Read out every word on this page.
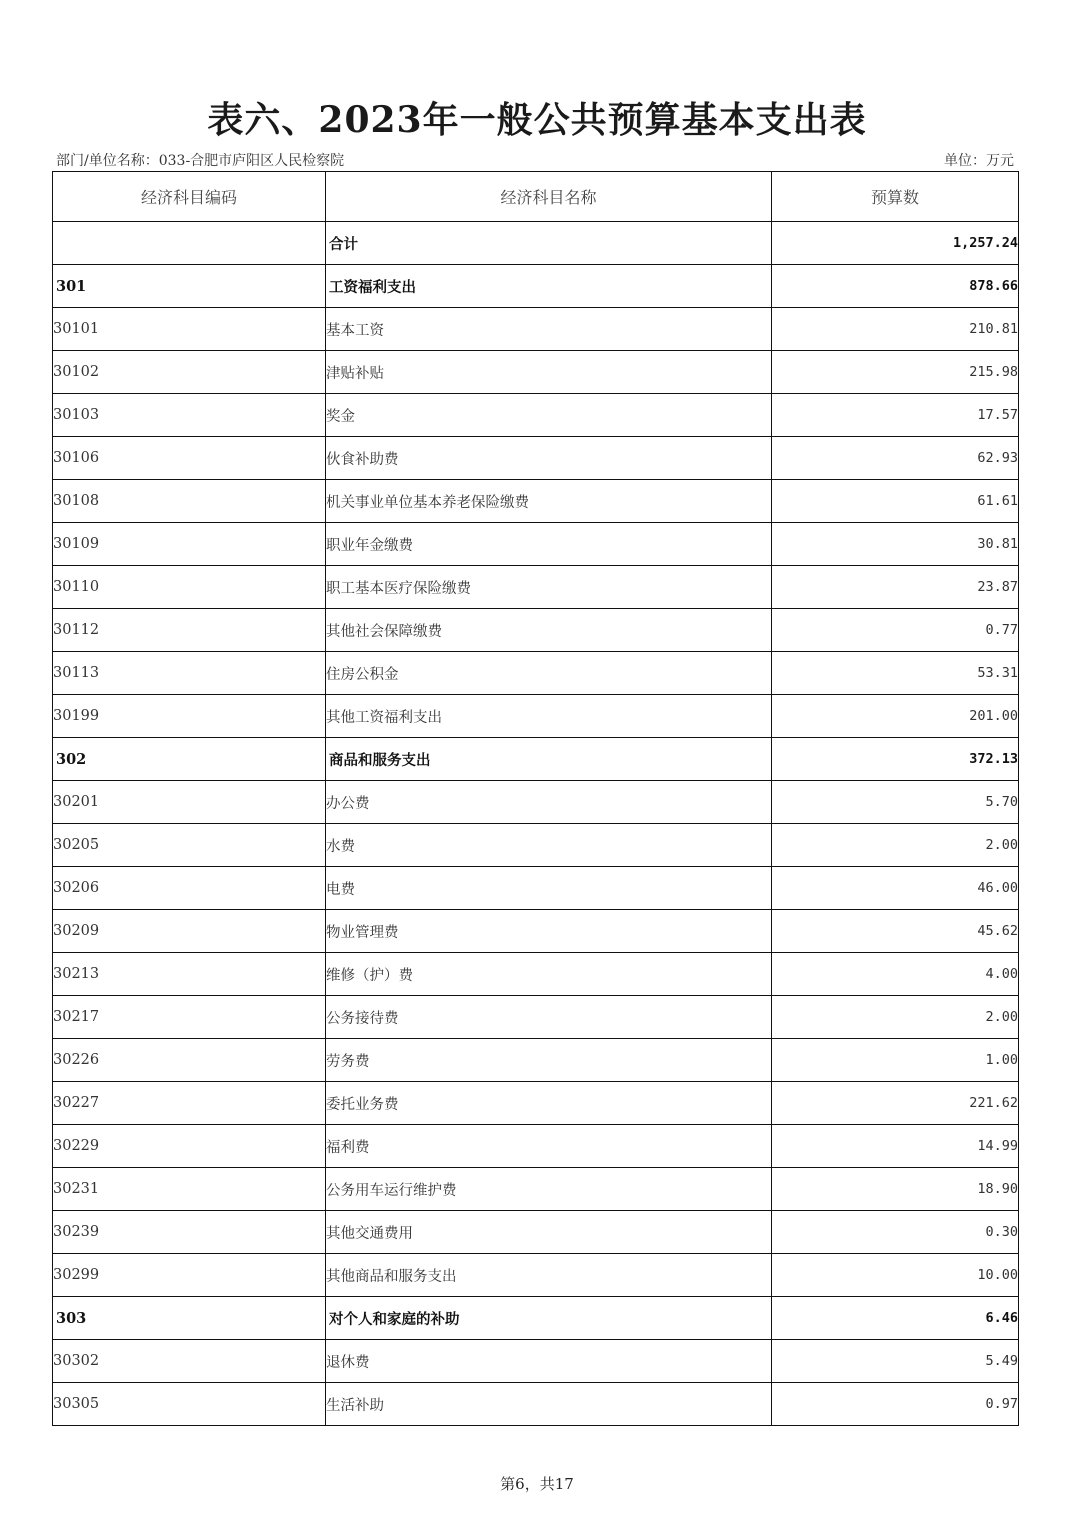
表六、2023年一般公共预算基本支出表
部门/单位名称：033-合肥市庐阳区人民检察院	单位：万元
经济科目编码	经济科目名称	预算数
	合计	1,257.24
301	工资福利支出	878.66
30101	基本工资	210.81
30102	津贴补贴	215.98
30103	奖金	17.57
30106	伙食补助费	62.93
30108	机关事业单位基本养老保险缴费	61.61
30109	职业年金缴费	30.81
30110	职工基本医疗保险缴费	23.87
30112	其他社会保障缴费	0.77
30113	住房公积金	53.31
30199	其他工资福利支出	201.00
302	商品和服务支出	372.13
30201	办公费	5.70
30205	水费	2.00
30206	电费	46.00
30209	物业管理费	45.62
30213	维修（护）费	4.00
30217	公务接待费	2.00
30226	劳务费	1.00
30227	委托业务费	221.62
30229	福利费	14.99
30231	公务用车运行维护费	18.90
30239	其他交通费用	0.30
30299	其他商品和服务支出	10.00
303	对个人和家庭的补助	6.46
30302	退休费	5.49
30305	生活补助	0.97
第6，共17
